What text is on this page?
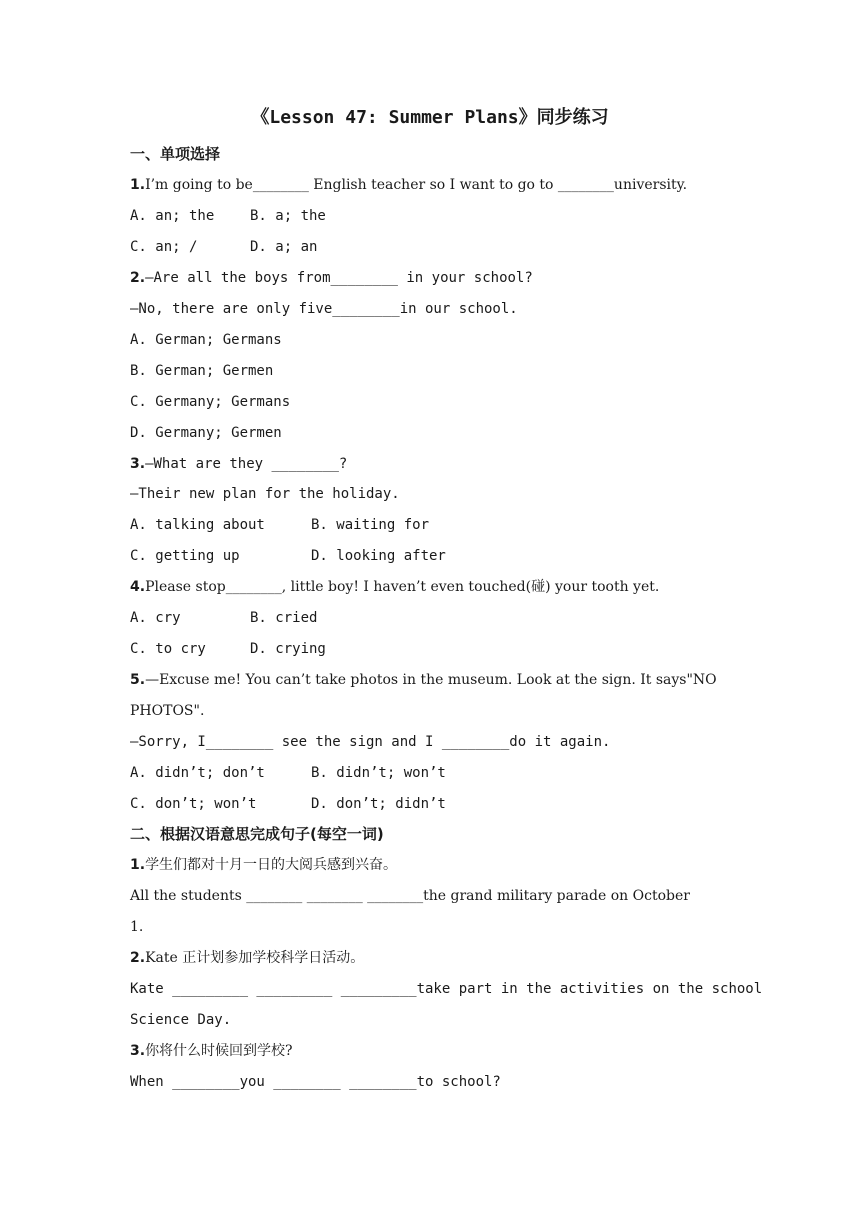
《Lesson 47: Summer Plans》同步练习
一、单项选择
1.I’m going to be________ English teacher so I want to go to ________university.
A. an; the	B. a; the
C. an; /	D. a; an
2.—Are all the boys from________ in your school?
—No, there are only five________in our school.
A. German; Germans
B. German; Germen
C. Germany; Germans
D. Germany; Germen
3.—What are they ________?
—Their new plan for the holiday.
A. talking about	B. waiting for
C. getting up	D. looking after
4.Please stop________, little boy! I haven’t even touched(碰) your tooth yet.
A. cry	B. cried
C. to cry	D. crying
5.—Excuse me! You can’t take photos in the museum. Look at the sign. It says"NO
PHOTOS".
—Sorry, I________ see the sign and I ________do it again.
A. didn’t; don’t	B. didn’t; won’t
C. don’t; won’t	D. don’t; didn’t
二、根据汉语意思完成句子(每空一词)
1.学生们都对十月一日的大阅兵感到兴奋。
All the students ________ ________ ________the grand military parade on October
1.
2.Kate 正计划参加学校科学日活动。
Kate _________ _________ _________take part in the activities on the school
Science Day.
3.你将什么时候回到学校?
When ________you ________ ________to school?
